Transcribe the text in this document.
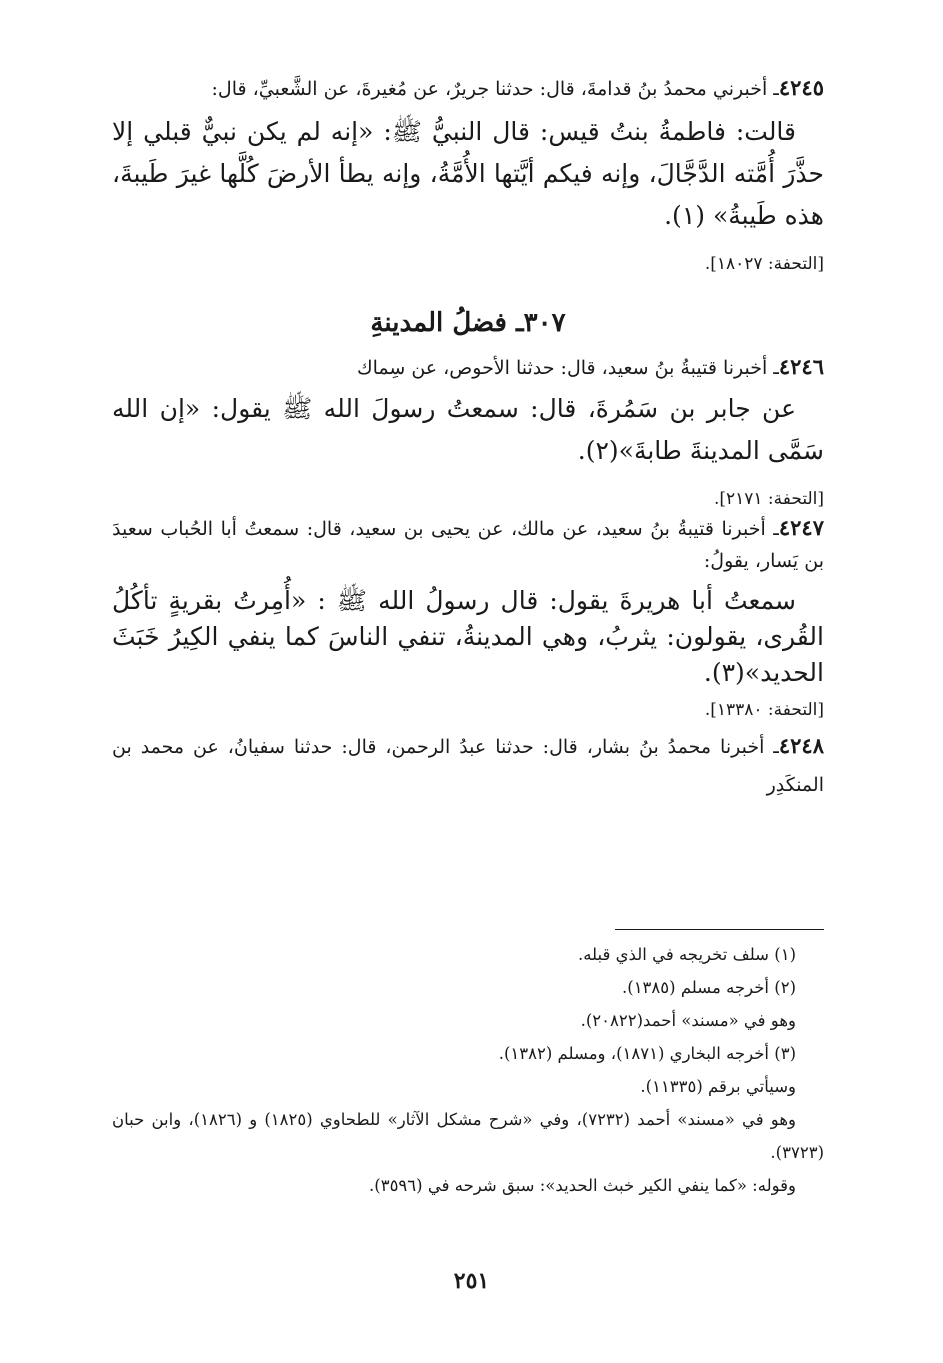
٤٢٤٥ـ أخبرني محمدُ بنُ قدامةَ، قال: حدثنا جريرٌ، عن مُغيرةَ، عن الشَّعبيِّ، قال:

قالت: فاطمةُ بنتُ قيس: قال النبيُّ ﷺ: «إنه لم يكن نبيٌّ قبلي إلا حذَّرَ أُمَّته الدَّجَّالَ، وإنه فيكم أيَّتها الأُمَّةُ، وإنه يطأ الأرضَ كُلَّها غيرَ طَيبةَ، هذه طَيبةُ» (١).

[التحفة: ١٨٠٢٧].

٣٠٧ـ فضلُ المدينةِ

٤٢٤٦ـ أخبرنا قتيبةُ بنُ سعيد، قال: حدثنا الأحوص، عن سِماك

عن جابر بن سَمُرةَ، قال: سمعتُ رسولَ الله ﷺ يقول: «إن الله سَمَّى المدينةَ طابةَ»(٢).

[التحفة: ٢١٧١].

٤٢٤٧ـ أخبرنا قتيبةُ بنُ سعيد، عن مالك، عن يحيى بن سعيد، قال: سمعتُ أبا الحُباب سعيدَ بن يَسار، يقولُ:

سمعتُ أبا هريرةَ يقول: قال رسولُ الله ﷺ : «أُمِرتُ بقريةٍ تأكُلُ القُرى، يقولون: يثربُ، وهي المدينةُ، تنفي الناسَ كما ينفي الكِيرُ خَبَثَ الحديد»(٣).

[التحفة: ١٣٣٨٠].

٤٢٤٨ـ أخبرنا محمدُ بنُ بشار، قال: حدثنا عبدُ الرحمن، قال: حدثنا سفيانُ، عن محمد بن المنكَدِر

(١) سلف تخريجه في الذي قبله.

(٢) أخرجه مسلم (١٣٨٥).

وهو في «مسند» أحمد(٢٠٨٢٢).

(٣) أخرجه البخاري (١٨٧١)، ومسلم (١٣٨٢).

وسيأتي برقم (١١٣٣٥).

وهو في «مسند» أحمد (٧٢٣٢)، وفي «شرح مشكل الآثار» للطحاوي (١٨٢٥) و (١٨٢٦)، وابن حبان (٣٧٢٣).

وقوله: «كما ينفي الكير خبث الحديد»: سبق شرحه في (٣٥٩٦).

٢٥١
